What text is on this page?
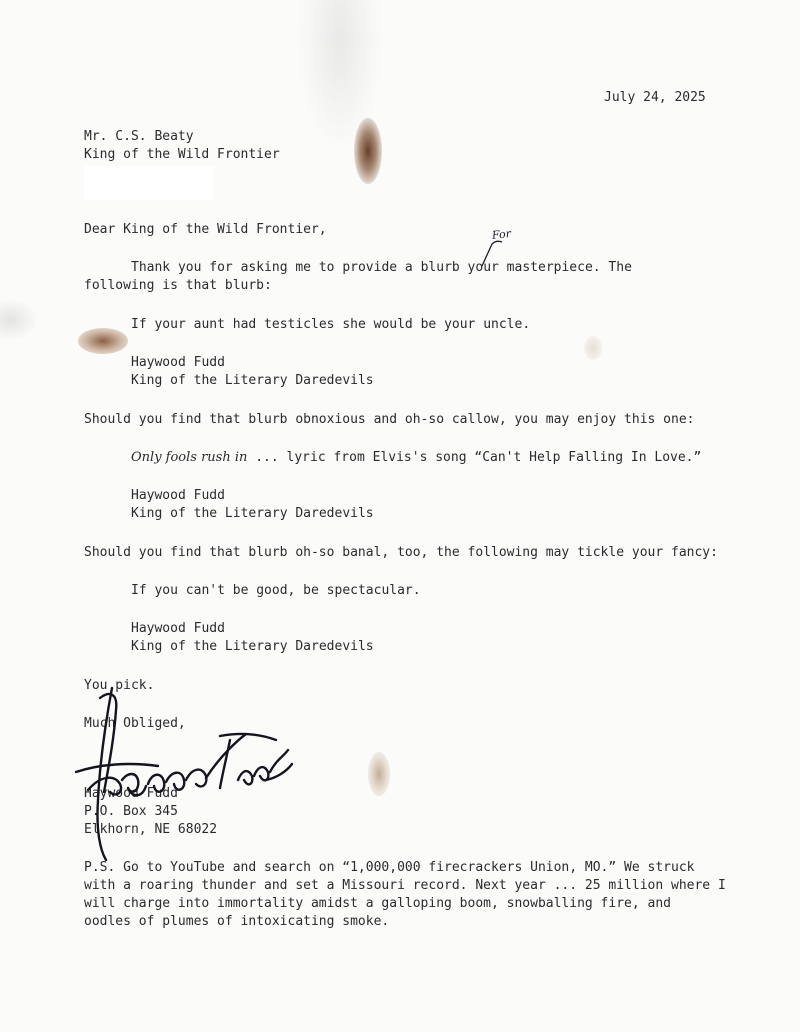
July 24, 2025
Mr. C.S. Beaty
King of the Wild Frontier
Dear King of the Wild Frontier,	For
Thank you for asking me to provide a blurb your masterpiece. The
following is that blurb:
If your aunt had testicles she would be your uncle.
Haywood Fudd
King of the Literary Daredevils
Should you find that blurb obnoxious and oh-so callow, you may enjoy this one:
Only fools rush in ... lyric from Elvis's song “Can't Help Falling In Love.”
Haywood Fudd
King of the Literary Daredevils
Should you find that blurb oh-so banal, too, the following may tickle your fancy:
If you can't be good, be spectacular.
Haywood Fudd
King of the Literary Daredevils
You pick.
Much Obliged,
Haywood Fudd
P.O. Box 345
Elkhorn, NE 68022
P.S. Go to YouTube and search on “1,000,000 firecrackers Union, MO.” We struck
with a roaring thunder and set a Missouri record. Next year ... 25 million where I
will charge into immortality amidst a galloping boom, snowballing fire, and
oodles of plumes of intoxicating smoke.
